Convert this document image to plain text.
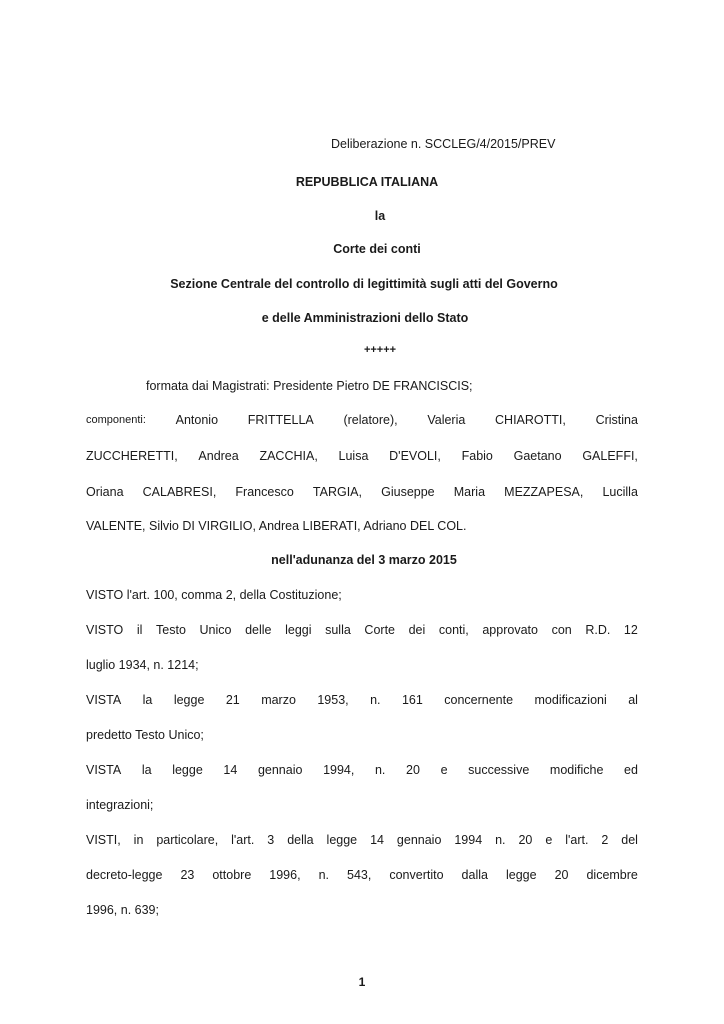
Deliberazione n. SCCLEG/4/2015/PREV
REPUBBLICA ITALIANA
la
Corte dei conti
Sezione Centrale del controllo di legittimità sugli atti del Governo
e delle Amministrazioni dello Stato
+++++
formata dai Magistrati: Presidente Pietro DE FRANCISCIS;
componenti: Antonio FRITTELLA (relatore), Valeria CHIAROTTI, Cristina
ZUCCHERETTI, Andrea ZACCHIA, Luisa D'EVOLI, Fabio Gaetano GALEFFI,
Oriana CALABRESI, Francesco TARGIA, Giuseppe Maria MEZZAPESA, Lucilla
VALENTE, Silvio DI VIRGILIO, Andrea LIBERATI, Adriano DEL COL.
nell'adunanza del 3 marzo 2015
VISTO l'art. 100, comma 2, della Costituzione;
VISTO il Testo Unico delle leggi sulla Corte dei conti, approvato con R.D. 12
luglio 1934, n. 1214;
VISTA la legge 21 marzo 1953, n. 161 concernente modificazioni al
predetto Testo Unico;
VISTA la legge 14 gennaio 1994, n. 20 e successive modifiche ed
integrazioni;
VISTI, in particolare, l'art. 3 della legge 14 gennaio 1994 n. 20 e l'art. 2 del
decreto-legge 23 ottobre 1996, n. 543, convertito dalla legge 20 dicembre
1996, n. 639;
1
